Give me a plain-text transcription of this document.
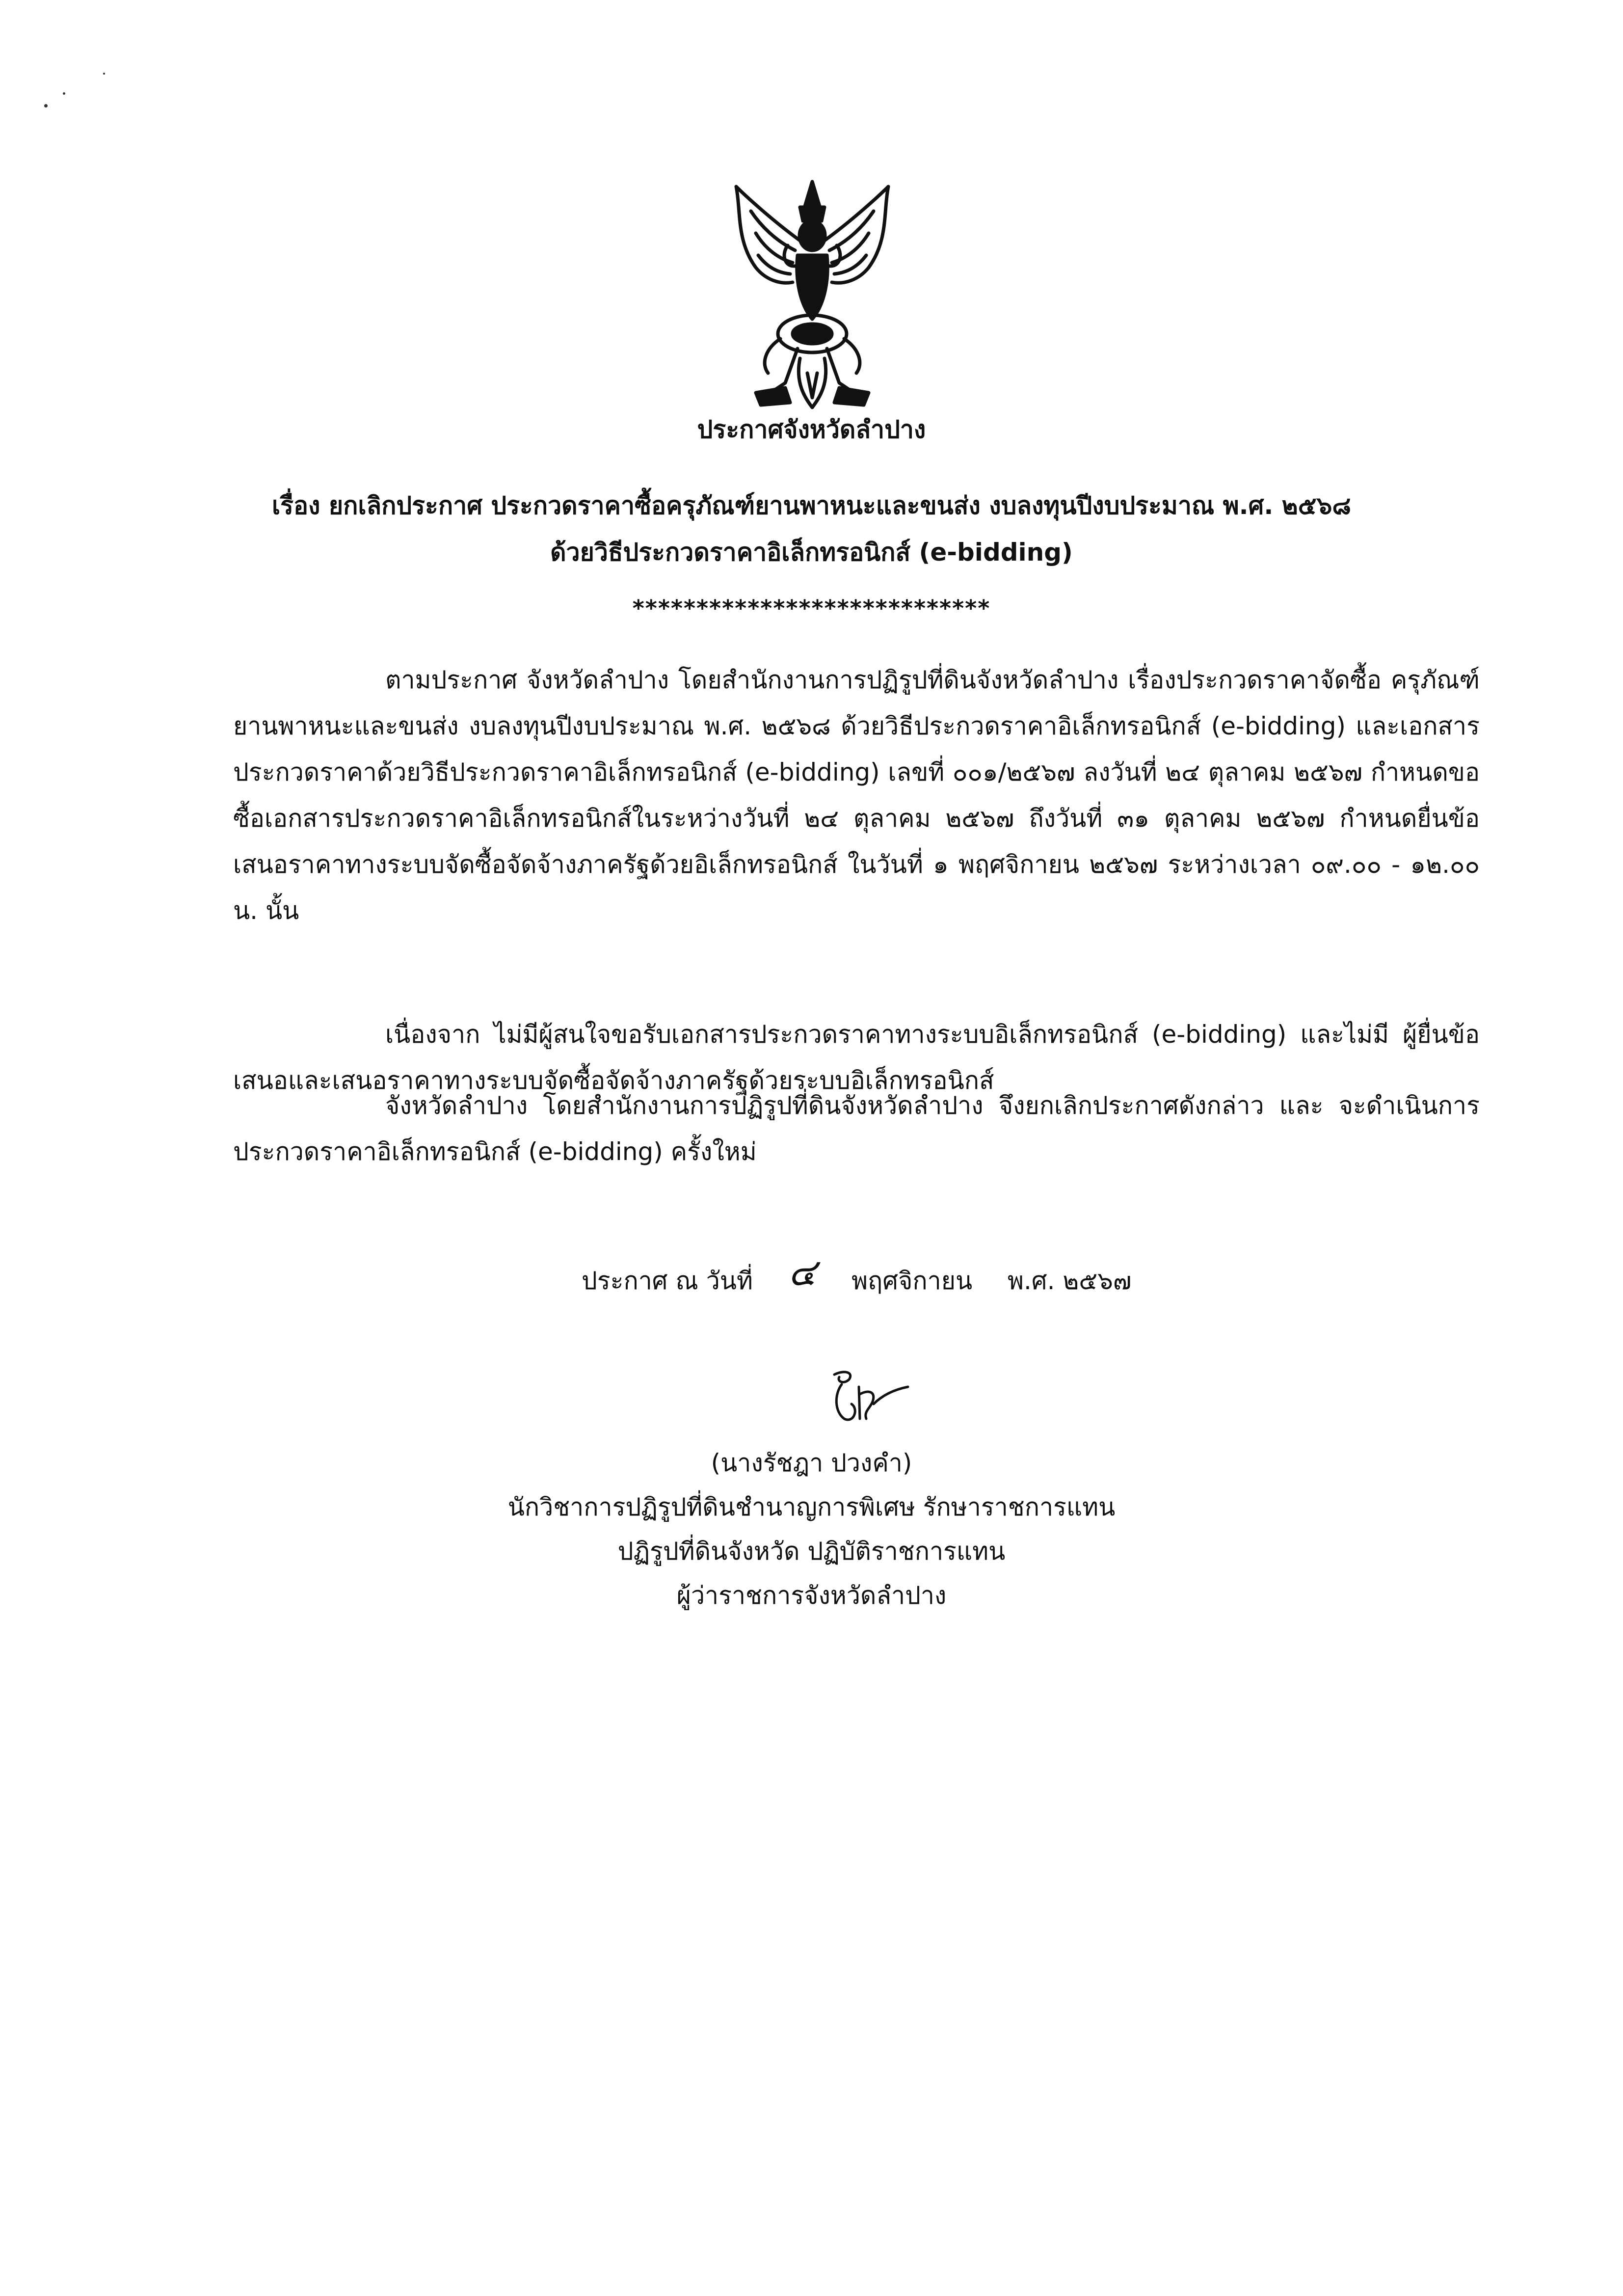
ประกาศจังหวัดลำปาง
เรื่อง ยกเลิกประกาศ ประกวดราคาซื้อครุภัณฑ์ยานพาหนะและขนส่ง งบลงทุนปีงบประมาณ พ.ศ. ๒๕๖๘
ด้วยวิธีประกวดราคาอิเล็กทรอนิกส์ (e-bidding)
****************************
ตามประกาศ จังหวัดลำปาง โดยสำนักงานการปฏิรูปที่ดินจังหวัดลำปาง เรื่องประกวดราคาจัดซื้อ ครุภัณฑ์ยานพาหนะและขนส่ง งบลงทุนปีงบประมาณ พ.ศ. ๒๕๖๘ ด้วยวิธีประกวดราคาอิเล็กทรอนิกส์ (e-bidding) และเอกสารประกวดราคาด้วยวิธีประกวดราคาอิเล็กทรอนิกส์ (e-bidding) เลขที่ ๐๐๑/๒๕๖๗ ลงวันที่ ๒๔ ตุลาคม ๒๕๖๗ กำหนดขอซื้อเอกสารประกวดราคาอิเล็กทรอนิกส์ในระหว่างวันที่ ๒๔ ตุลาคม ๒๕๖๗ ถึงวันที่ ๓๑ ตุลาคม ๒๕๖๗ กำหนดยื่นข้อเสนอราคาทางระบบจัดซื้อจัดจ้างภาครัฐด้วยอิเล็กทรอนิกส์ ในวันที่ ๑ พฤศจิกายน ๒๕๖๗ ระหว่างเวลา ๐๙.๐๐ - ๑๒.๐๐ น. นั้น
เนื่องจาก ไม่มีผู้สนใจขอรับเอกสารประกวดราคาทางระบบอิเล็กทรอนิกส์ (e-bidding) และไม่มี ผู้ยื่นข้อเสนอและเสนอราคาทางระบบจัดซื้อจัดจ้างภาครัฐด้วยระบบอิเล็กทรอนิกส์
จังหวัดลำปาง โดยสำนักงานการปฏิรูปที่ดินจังหวัดลำปาง จึงยกเลิกประกาศดังกล่าว และ จะดำเนินการประกวดราคาอิเล็กทรอนิกส์ (e-bidding) ครั้งใหม่
ประกาศ ณ วันที่ ๔ พฤศจิกายน พ.ศ. ๒๕๖๗
(นางรัชฎา ปวงคำ)
นักวิชาการปฏิรูปที่ดินชำนาญการพิเศษ รักษาราชการแทน
ปฏิรูปที่ดินจังหวัด ปฏิบัติราชการแทน
ผู้ว่าราชการจังหวัดลำปาง
